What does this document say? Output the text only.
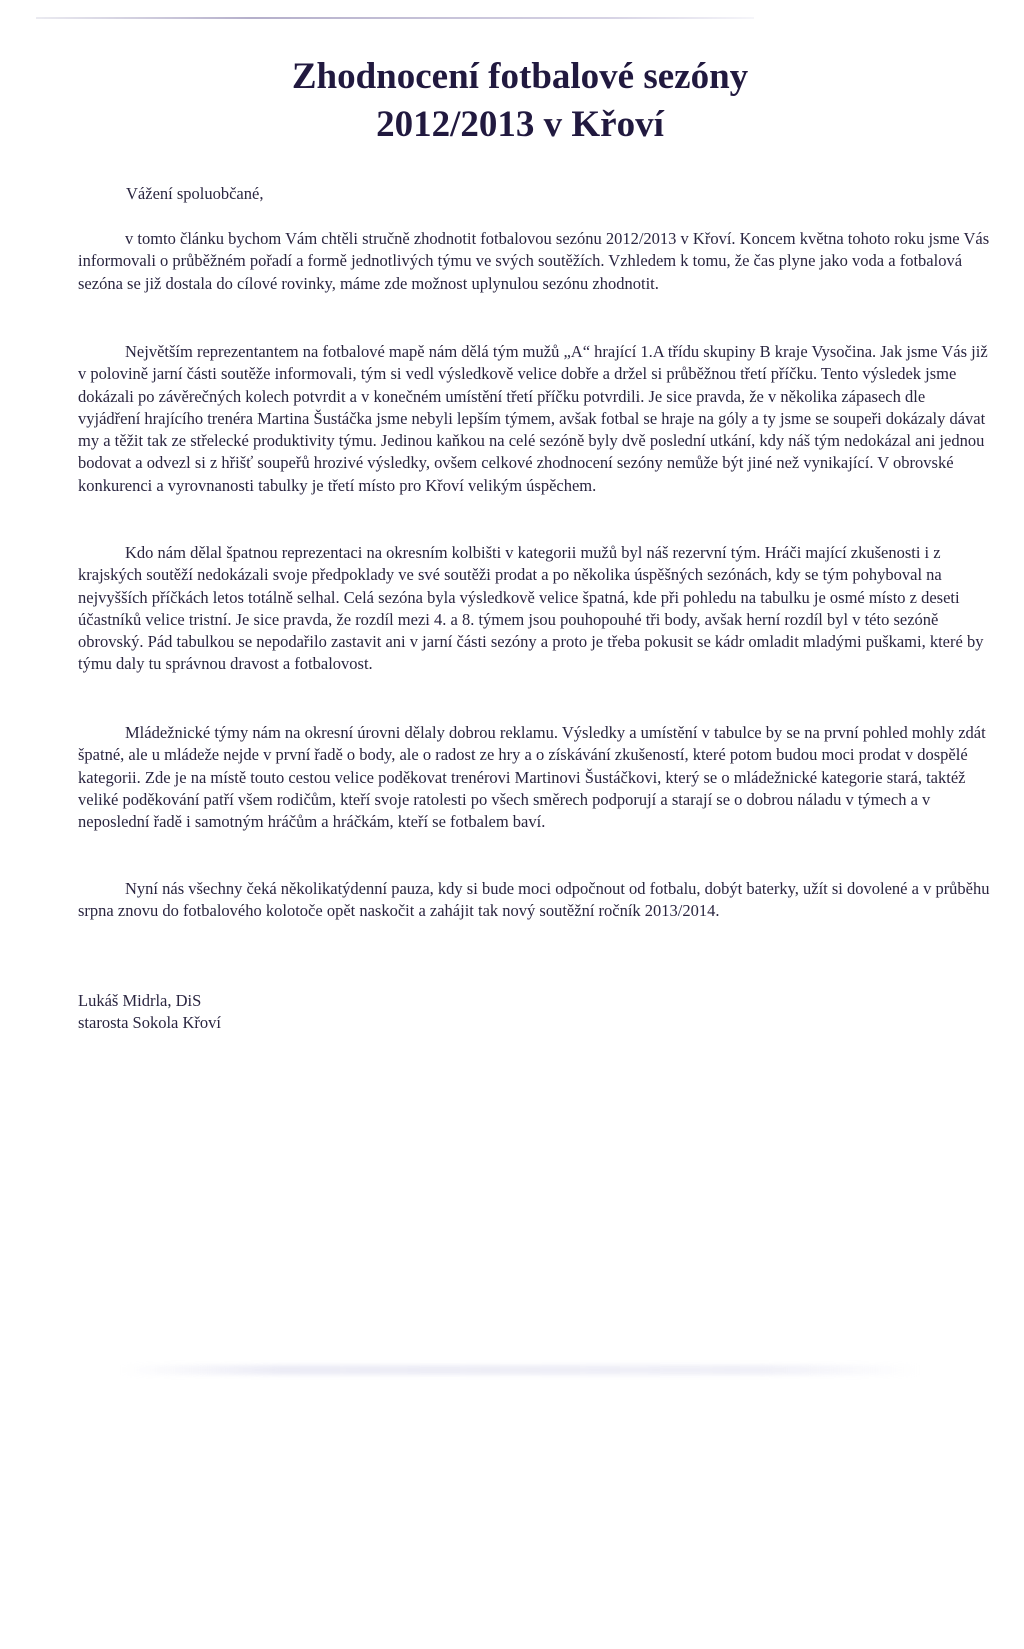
Zhodnocení fotbalové sezóny
2012/2013 v Křoví

Vážení spoluobčané,

v tomto článku bychom Vám chtěli stručně zhodnotit fotbalovou sezónu 2012/2013 v Křoví. Koncem května tohoto roku jsme Vás informovali o průběžném pořadí a formě jednotlivých týmu ve svých soutěžích. Vzhledem k tomu, že čas plyne jako voda a fotbalová sezóna se již dostala do cílové rovinky, máme zde možnost uplynulou sezónu zhodnotit.

Největším reprezentantem na fotbalové mapě nám dělá tým mužů „A“ hrající 1.A třídu skupiny B kraje Vysočina. Jak jsme Vás již v polovině jarní části soutěže informovali, tým si vedl výsledkově velice dobře a držel si průběžnou třetí příčku. Tento výsledek jsme dokázali po závěrečných kolech potvrdit a v konečném umístění třetí příčku potvrdili. Je sice pravda, že v několika zápasech dle vyjádření hrajícího trenéra Martina Šustáčka jsme nebyli lepším týmem, avšak fotbal se hraje na góly a ty jsme se soupeři dokázaly dávat my a těžit tak ze střelecké produktivity týmu. Jedinou kaňkou na celé sezóně byly dvě poslední utkání, kdy náš tým nedokázal ani jednou bodovat a odvezl si z hřišť soupeřů hrozivé výsledky, ovšem celkové zhodnocení sezóny nemůže být jiné než vynikající. V obrovské konkurenci a vyrovnanosti tabulky je třetí místo pro Křoví velikým úspěchem.

Kdo nám dělal špatnou reprezentaci na okresním kolbišti v kategorii mužů byl náš rezervní tým. Hráči mající zkušenosti i z krajských soutěží nedokázali svoje předpoklady ve své soutěži prodat a po několika úspěšných sezónách, kdy se tým pohyboval na nejvyšších příčkách letos totálně selhal. Celá sezóna byla výsledkově velice špatná, kde při pohledu na tabulku je osmé místo z deseti účastníků velice tristní. Je sice pravda, že rozdíl mezi 4. a 8. týmem jsou pouhopouhé tři body, avšak herní rozdíl byl v této sezóně obrovský. Pád tabulkou se nepodařilo zastavit ani v jarní části sezóny a proto je třeba pokusit se kádr omladit mladými puškami, které by týmu daly tu správnou dravost a fotbalovost.

Mládežnické týmy nám na okresní úrovni dělaly dobrou reklamu. Výsledky a umístění v tabulce by se na první pohled mohly zdát špatné, ale u mládeže nejde v první řadě o body, ale o radost ze hry a o získávání zkušeností, které potom budou moci prodat v dospělé kategorii. Zde je na místě touto cestou velice poděkovat trenérovi Martinovi Šustáčkovi, který se o mládežnické kategorie stará, taktéž veliké poděkování patří všem rodičům, kteří svoje ratolesti po všech směrech podporují a starají se o dobrou náladu v týmech a v neposlední řadě i samotným hráčům a hráčkám, kteří se fotbalem baví.

Nyní nás všechny čeká několikatýdenní pauza, kdy si bude moci odpočnout od fotbalu, dobýt baterky, užít si dovolené a v průběhu srpna znovu do fotbalového kolotoče opět naskočit a zahájit tak nový soutěžní ročník 2013/2014.

Lukáš Midrla, DiS
starosta Sokola Křoví
